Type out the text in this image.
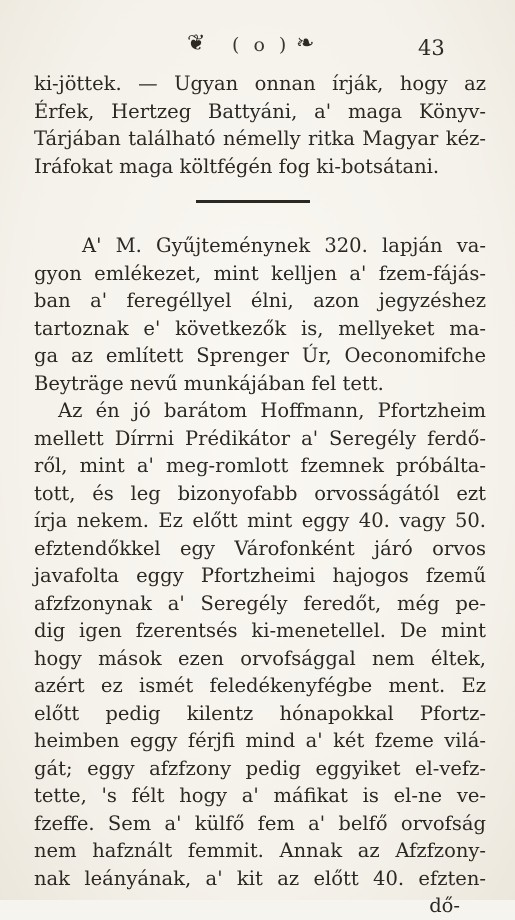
❦ ( o ) ❧	43
ki-jöttek. — Ugyan onnan írják, hogy az
Érfek, Hertzeg Battyáni, a' maga Könyv-
Tárjában található némelly ritka Magyar kéz-
Iráfokat maga költfégén fog ki-botsátani.
A' M. Gyűjteménynek 320. lapján va-
gyon emlékezet, mint kelljen a' fzem-fájás-
ban a' feregéllyel élni, azon jegyzéshez
tartoznak e' következők is, mellyeket ma-
ga az említett Sprenger Úr, Oeconomifche
Beyträge nevű munkájában fel tett.
Az én jó barátom Hoffmann, Pfortzheim
mellett Dírrni Prédikátor a' Seregély ferdő-
ről, mint a' meg-romlott fzemnek próbálta-
tott, és leg bizonyofabb orvosságától ezt
írja nekem. Ez előtt mint eggy 40. vagy 50.
efztendőkkel egy Várofonként járó orvos
javafolta eggy Pfortzheimi hajogos fzemű
afzfzonynak a' Seregély feredőt, még pe-
dig igen fzerentsés ki-menetellel. De mint
hogy mások ezen orvofsággal nem éltek,
azért ez ismét feledékenyfégbe ment. Ez
előtt pedig kilentz hónapokkal Pfortz-
heimben eggy férjfi mind a' két fzeme vilá-
gát; eggy afzfzony pedig eggyiket el-vefz-
tette, 's félt hogy a' máfikat is el-ne ve-
fzeffe. Sem a' külfő fem a' belfő orvofság
nem hafznált femmit. Annak az Afzfzony-
nak leányának, a' kit az előtt 40. efzten-
dő-
